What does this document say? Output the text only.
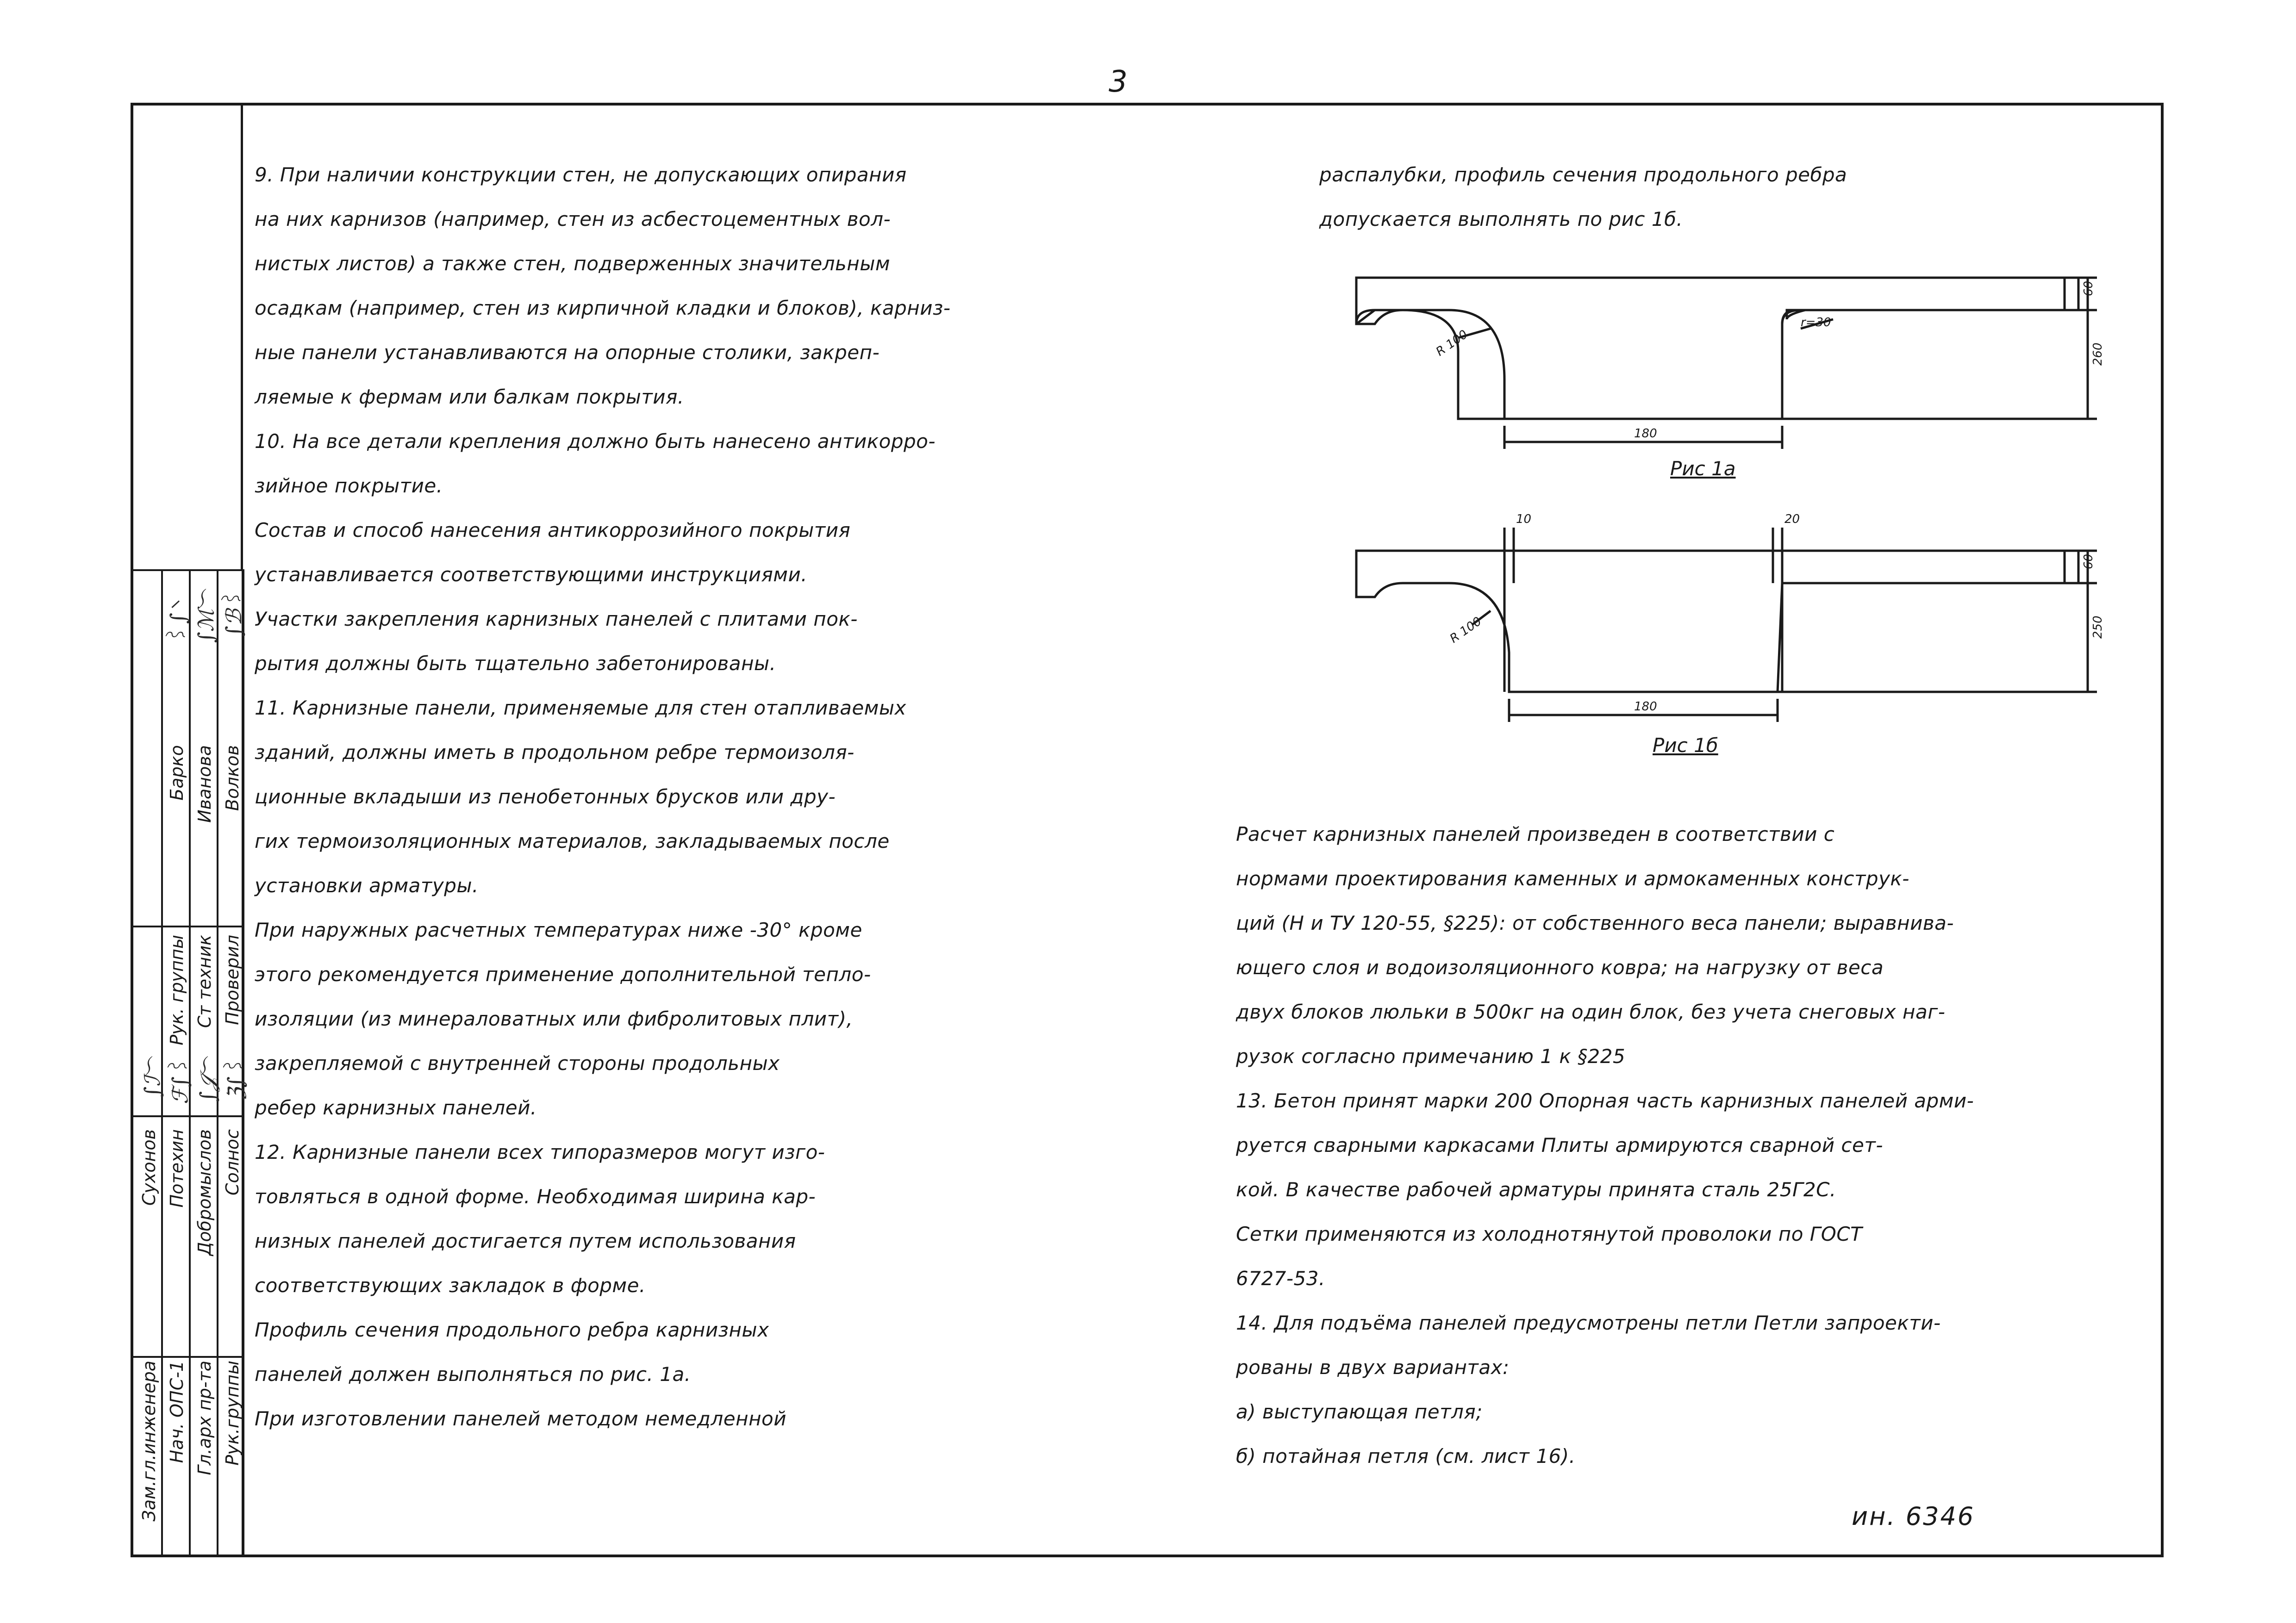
3
Зам.гл.инженера Нач. ОПС-1 Гл.арх пр-та Рук.группы
Сухонов Потехин Добромыслов Солнос
Рук. группы Ст техник Проверил
Барко Иванова Волков
〰︎∫ᐟ ∫ℳ〜 ∫ℬ〰︎
∫ℐ〜 ℱ∫〰︎ ∫𝒥〜 ℨ∫〰︎
9. При наличии конструкции стен, не допускающих опирания
на них карнизов (например, стен из асбестоцементных вол-
нистых листов) а также стен, подверженных значительным
осадкам (например, стен из кирпичной кладки и блоков), карниз-
ные панели устанавливаются на опорные столики, закреп-
ляемые к фермам или балкам покрытия.
10. На все детали крепления должно быть нанесено антикорро-
зийное покрытие.
Состав и способ нанесения антикоррозийного покрытия
устанавливается соответствующими инструкциями.
Участки закрепления карнизных панелей с плитами пок-
рытия должны быть тщательно забетонированы.
11. Карнизные панели, применяемые для стен отапливаемых
зданий, должны иметь в продольном ребре термоизоля-
ционные вкладыши из пенобетонных брусков или дру-
гих термоизоляционных материалов, закладываемых после
установки арматуры.
При наружных расчетных температурах ниже -30° кроме
этого рекомендуется применение дополнительной тепло-
изоляции (из минераловатных или фибролитовых плит),
закрепляемой с внутренней стороны продольных
ребер карнизных панелей.
12. Карнизные панели всех типоразмеров могут изго-
товляться в одной форме. Необходимая ширина кар-
низных панелей достигается путем использования
соответствующих закладок в форме.
Профиль сечения продольного ребра карнизных
панелей должен выполняться по рис. 1а.
При изготовлении панелей методом немедленной
распалубки, профиль сечения продольного ребра
допускается выполнять по рис 1б.
60
260
180
R 100
r=30
60
250
180
R 100
10	20
Рис 1а
Рис 1б
Расчет карнизных панелей произведен в соответствии с
нормами проектирования каменных и армокаменных конструк-
ций (Н и ТУ 120-55, §225): от собственного веса панели; выравнива-
ющего слоя и водоизоляционного ковра; на нагрузку от веса
двух блоков люльки в 500кг на один блок, без учета снеговых наг-
рузок согласно примечанию 1 к §225
13. Бетон принят марки 200 Опорная часть карнизных панелей арми-
руется сварными каркасами Плиты армируются сварной сет-
кой. В качестве рабочей арматуры принята сталь 25Г2С.
Сетки применяются из холоднотянутой проволоки по ГОСТ
6727-53.
14. Для подъёма панелей предусмотрены петли Петли запроекти-
рованы в двух вариантах:
а) выступающая петля;
б) потайная петля (см. лист 16).
ин. 6346
